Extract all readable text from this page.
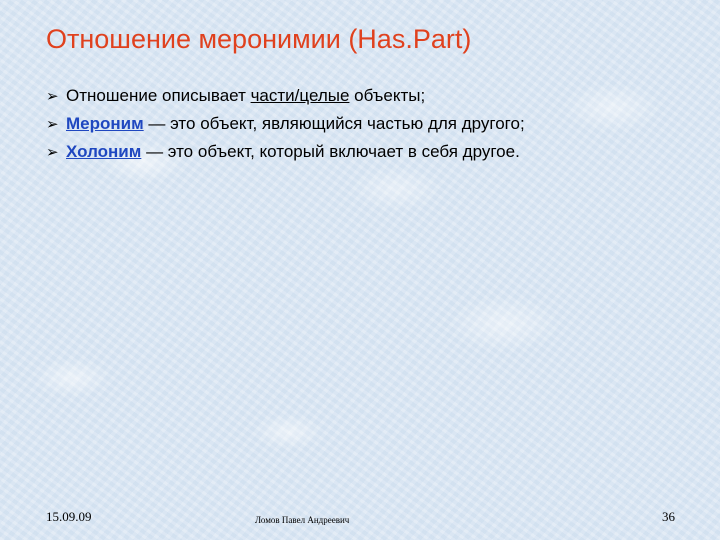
Отношение меронимии (Has.Part)
➢ Отношение описывает части/целые объекты;
➢ Мероним — это объект, являющийся частью для другого;
➢ Холоним — это объект, который включает в себя другое.
15.09.09	Ломов Павел Андреевич	36
